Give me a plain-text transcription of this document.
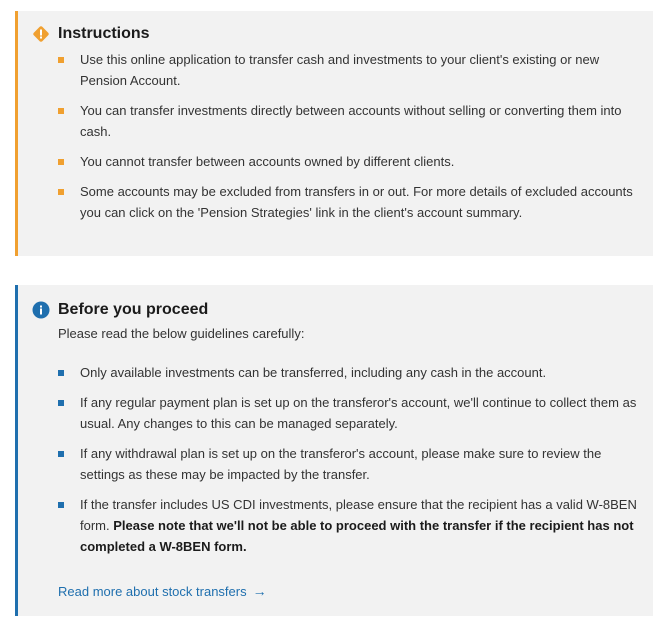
Instructions
Use this online application to transfer cash and investments to your client's existing or new Pension Account.
You can transfer investments directly between accounts without selling or converting them into cash.
You cannot transfer between accounts owned by different clients.
Some accounts may be excluded from transfers in or out. For more details of excluded accounts you can click on the 'Pension Strategies' link in the client's account summary.
Before you proceed

Please read the below guidelines carefully:

Only available investments can be transferred, including any cash in the account.
If any regular payment plan is set up on the transferor's account, we'll continue to collect them as usual. Any changes to this can be managed separately.
If any withdrawal plan is set up on the transferor's account, please make sure to review the settings as these may be impacted by the transfer.
If the transfer includes US CDI investments, please ensure that the recipient has a valid W-8BEN form. Please note that we'll not be able to proceed with the transfer if the recipient has not completed a W-8BEN form.
Read more about stock transfers →
